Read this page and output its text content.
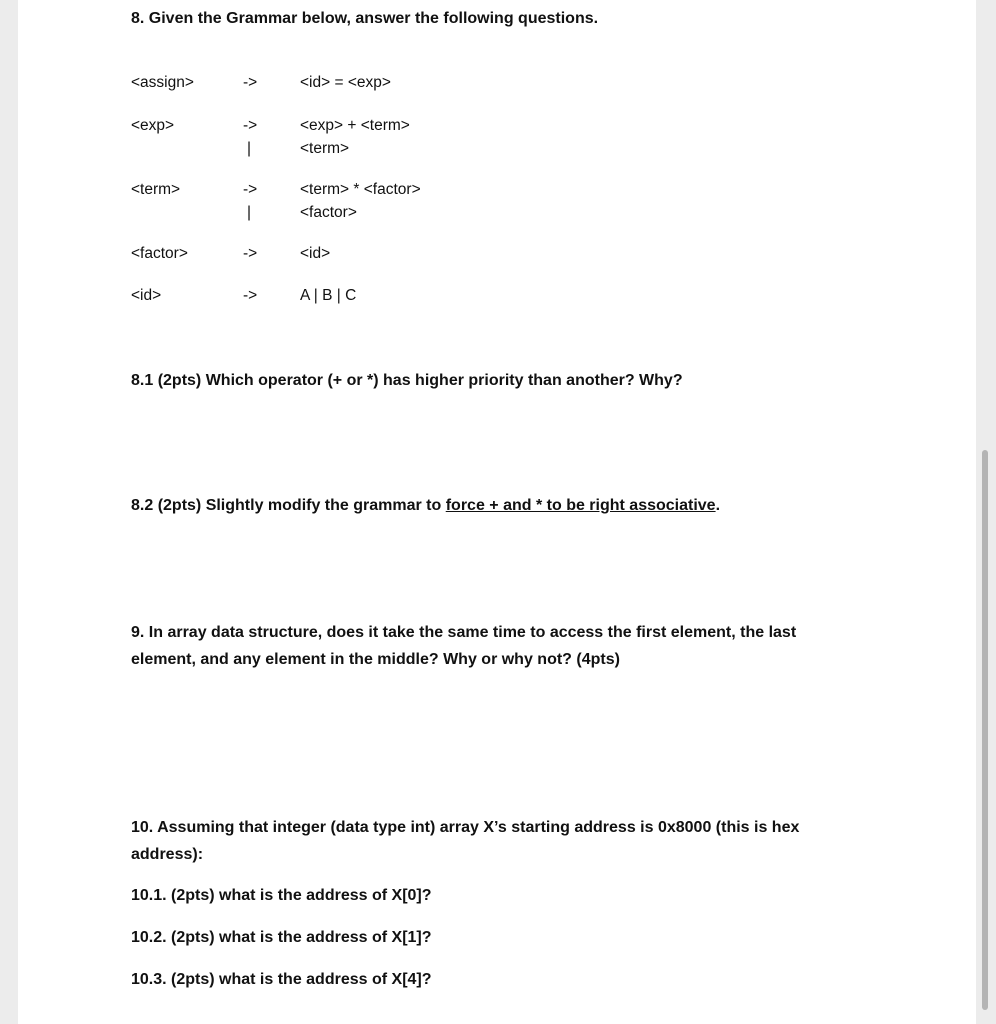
8. Given the Grammar below, answer the following questions.
<assign>	->	<id> = <exp>
<exp>	->	<exp> + <term>
|	<term>
<term>	->	<term> * <factor>
|	<factor>
<factor>	->	<id>
<id>	->	A | B | C
8.1 (2pts) Which operator (+ or *) has higher priority than another? Why?
8.2 (2pts) Slightly modify the grammar to force + and * to be right associative.
9. In array data structure, does it take the same time to access the first element, the last
element, and any element in the middle? Why or why not? (4pts)
10. Assuming that integer (data type int) array X’s starting address is 0x8000 (this is hex
address):
10.1. (2pts) what is the address of X[0]?
10.2. (2pts) what is the address of X[1]?
10.3. (2pts) what is the address of X[4]?
